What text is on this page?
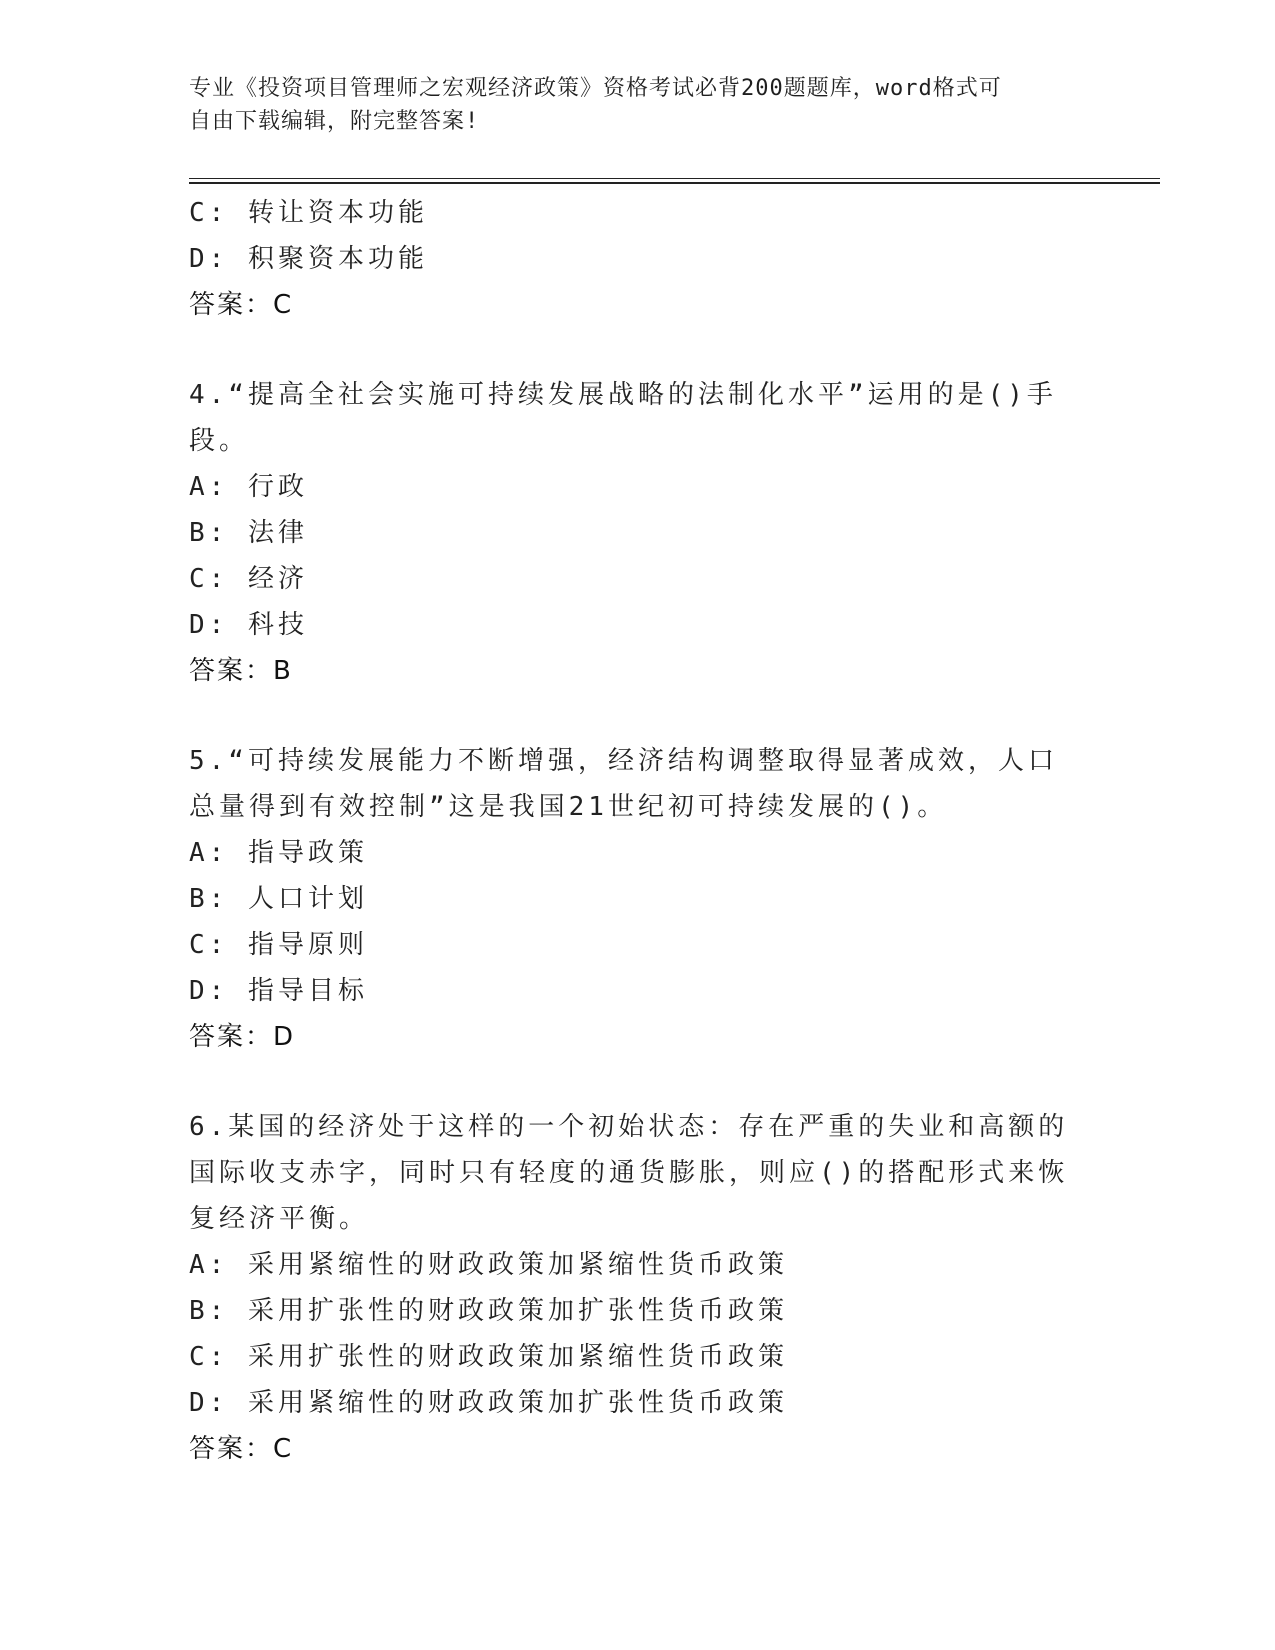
专业《投资项目管理师之宏观经济政策》资格考试必背200题题库，word格式可
自由下载编辑，附完整答案!
C: 转让资本功能
D: 积聚资本功能
答案：C
4.“提高全社会实施可持续发展战略的法制化水平”运用的是()手段。
A: 行政
B: 法律
C: 经济
D: 科技
答案：B
5.“可持续发展能力不断增强，经济结构调整取得显著成效，人口总量得到有效控制”这是我国21世纪初可持续发展的()。
A: 指导政策
B: 人口计划
C: 指导原则
D: 指导目标
答案：D
6.某国的经济处于这样的一个初始状态：存在严重的失业和高额的国际收支赤字，同时只有轻度的通货膨胀，则应()的搭配形式来恢复经济平衡。
A: 采用紧缩性的财政政策加紧缩性货币政策
B: 采用扩张性的财政政策加扩张性货币政策
C: 采用扩张性的财政政策加紧缩性货币政策
D: 采用紧缩性的财政政策加扩张性货币政策
答案：C
